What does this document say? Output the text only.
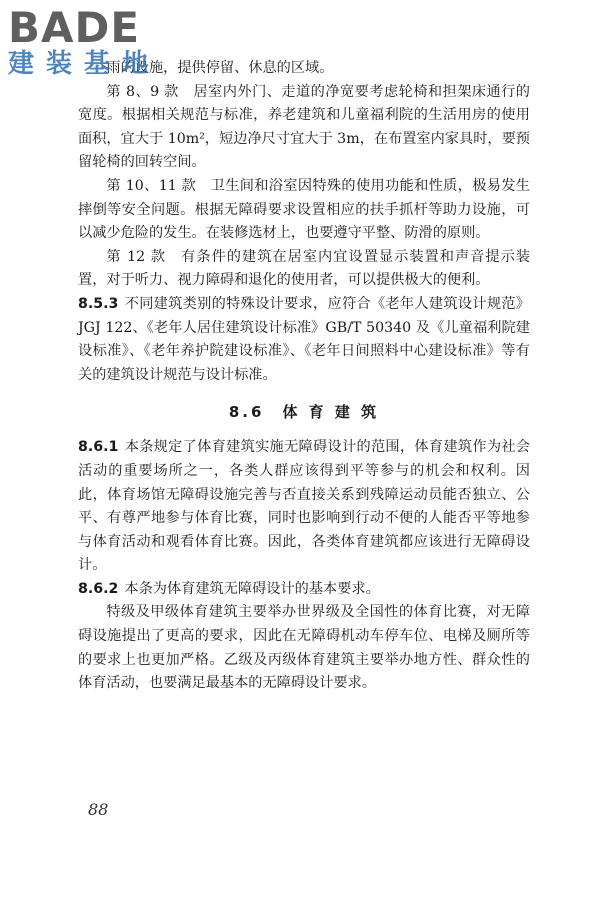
BADE
建装基地

雨的设施，提供停留、休息的区域。

第 8、9 款　居室内外门、走道的净宽要考虑轮椅和担架床通行的宽度。根据相关规范与标准，养老建筑和儿童福利院的生活用房的使用面积，宜大于 10m²，短边净尺寸宜大于 3m，在布置室内家具时，要预留轮椅的回转空间。

第 10、11 款　卫生间和浴室因特殊的使用功能和性质，极易发生摔倒等安全问题。根据无障碍要求设置相应的扶手抓杆等助力设施，可以减少危险的发生。在装修选材上，也要遵守平整、防滑的原则。

第 12 款　有条件的建筑在居室内宜设置显示装置和声音提示装置，对于听力、视力障碍和退化的使用者，可以提供极大的便利。

8.5.3 不同建筑类别的特殊设计要求，应符合《老年人建筑设计规范》JGJ 122、《老年人居住建筑设计标准》GB/T 50340 及《儿童福利院建设标准》、《老年养护院建设标准》、《老年日间照料中心建设标准》等有关的建筑设计规范与设计标准。

8.6　体 育 建 筑

8.6.1 本条规定了体育建筑实施无障碍设计的范围，体育建筑作为社会活动的重要场所之一，各类人群应该得到平等参与的机会和权利。因此，体育场馆无障碍设施完善与否直接关系到残障运动员能否独立、公平、有尊严地参与体育比赛，同时也影响到行动不便的人能否平等地参与体育活动和观看体育比赛。因此，各类体育建筑都应该进行无障碍设计。

8.6.2 本条为体育建筑无障碍设计的基本要求。

特级及甲级体育建筑主要举办世界级及全国性的体育比赛，对无障碍设施提出了更高的要求，因此在无障碍机动车停车位、电梯及厕所等的要求上也更加严格。乙级及丙级体育建筑主要举办地方性、群众性的体育活动，也要满足最基本的无障碍设计要求。

88
